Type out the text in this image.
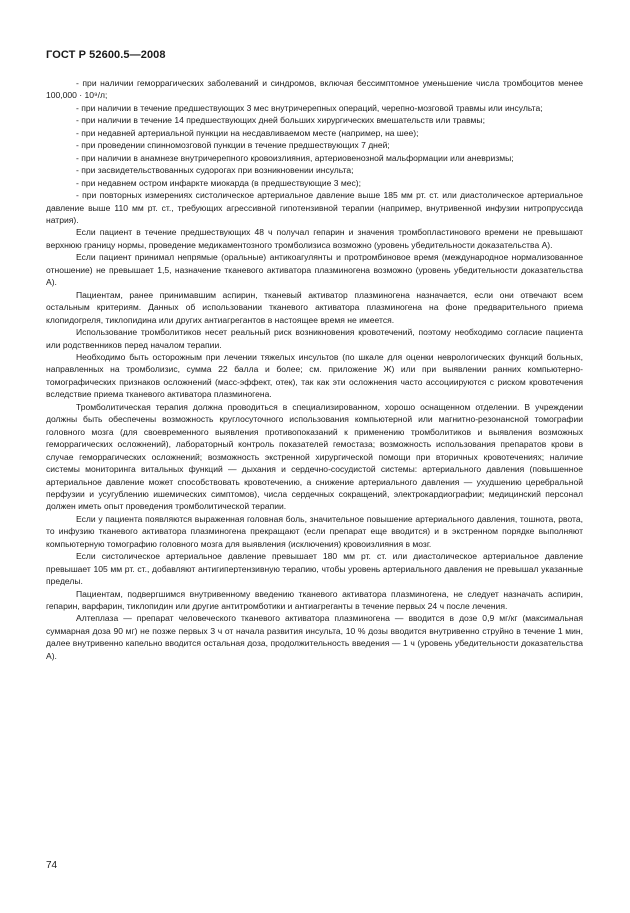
ГОСТ Р 52600.5—2008

- при наличии геморрагических заболеваний и синдромов, включая бессимптомное уменьшение числа тромбоцитов менее 100,000 · 10⁹/л;

- при наличии в течение предшествующих 3 мес внутричерепных операций, черепно-мозговой травмы или инсульта;

- при наличии в течение 14 предшествующих дней больших хирургических вмешательств или травмы;

- при недавней артериальной пункции на несдавливаемом месте (например, на шее);

- при проведении спинномозговой пункции в течение предшествующих 7 дней;

- при наличии в анамнезе внутричерепного кровоизлияния, артериовенозной мальформации или аневризмы;

- при засвидетельствованных судорогах при возникновении инсульта;

- при недавнем остром инфаркте миокарда (в предшествующие 3 мес);

- при повторных измерениях систолическое артериальное давление выше 185 мм рт. ст. или диастолическое артериальное давление выше 110 мм рт. ст., требующих агрессивной гипотензивной терапии (например, внутривенной инфузии нитропруссида натрия).

Если пациент в течение предшествующих 48 ч получал гепарин и значения тромбопластинового времени не превышают верхнюю границу нормы, проведение медикаментозного тромболизиса возможно (уровень убедительности доказательства А).

Если пациент принимал непрямые (оральные) антикоагулянты и протромбиновое время (международное нормализованное отношение) не превышает 1,5, назначение тканевого активатора плазминогена возможно (уровень убедительности доказательства А).

Пациентам, ранее принимавшим аспирин, тканевый активатор плазминогена назначается, если они отвечают всем остальным критериям. Данных об использовании тканевого активатора плазминогена на фоне предварительного приема клопидогреля, тиклопидина или других антиагрегантов в настоящее время не имеется.

Использование тромболитиков несет реальный риск возникновения кровотечений, поэтому необходимо согласие пациента или родственников перед началом терапии.

Необходимо быть осторожным при лечении тяжелых инсультов (по шкале для оценки неврологических функций больных, направленных на тромболизис, сумма 22 балла и более; см. приложение Ж) или при выявлении ранних компьютерно-томографических признаков осложнений (масс-эффект, отек), так как эти осложнения часто ассоциируются с риском кровотечения вследствие приема тканевого активатора плазминогена.

Тромболитическая терапия должна проводиться в специализированном, хорошо оснащенном отделении. В учреждении должны быть обеспечены возможность круглосуточного использования компьютерной или магнитно-резонансной томографии головного мозга (для своевременного выявления противопоказаний к применению тромболитиков и выявления возможных геморрагических осложнений), лабораторный контроль показателей гемостаза; возможность использования препаратов крови в случае геморрагических осложнений; возможность экстренной хирургической помощи при вторичных кровотечениях; наличие системы мониторинга витальных функций — дыхания и сердечно-сосудистой системы: артериального давления (повышенное артериальное давление может способствовать кровотечению, а снижение артериального давления — ухудшению церебральной перфузии и усугублению ишемических симптомов), числа сердечных сокращений, электрокардиографии; медицинский персонал должен иметь опыт проведения тромболитической терапии.

Если у пациента появляются выраженная головная боль, значительное повышение артериального давления, тошнота, рвота, то инфузию тканевого активатора плазминогена прекращают (если препарат еще вводится) и в экстренном порядке выполняют компьютерную томографию головного мозга для выявления (исключения) кровоизлияния в мозг.

Если систолическое артериальное давление превышает 180 мм рт. ст. или диастолическое артериальное давление превышает 105 мм рт. ст., добавляют антигипертензивную терапию, чтобы уровень артериального давления не превышал указанные пределы.

Пациентам, подвергшимся внутривенному введению тканевого активатора плазминогена, не следует назначать аспирин, гепарин, варфарин, тиклопидин или другие антитромботики и антиагреганты в течение первых 24 ч после лечения.

Алтеплаза — препарат человеческого тканевого активатора плазминогена — вводится в дозе 0,9 мг/кг (максимальная суммарная доза 90 мг) не позже первых 3 ч от начала развития инсульта, 10 % дозы вводится внутривенно струйно в течение 1 мин, далее внутривенно капельно вводится остальная доза, продолжительность введения — 1 ч (уровень убедительности доказательства А).

74
